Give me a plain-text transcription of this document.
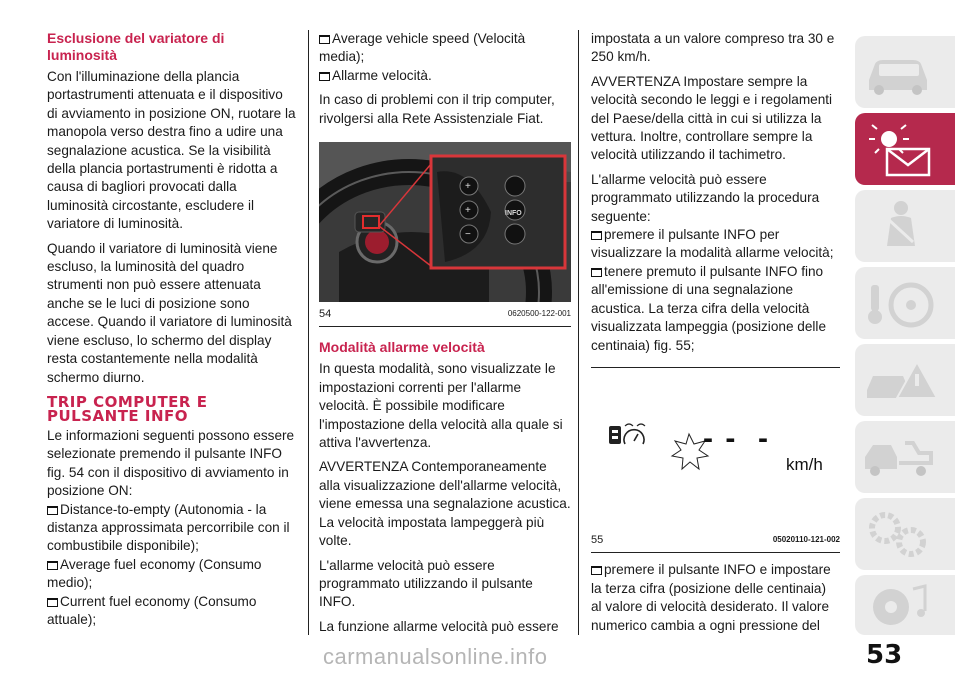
Esclusione del variatore di luminosità

Con l'illuminazione della plancia portastrumenti attenuata e il dispositivo di avviamento in posizione ON, ruotare la manopola verso destra fino a udire una segnalazione acustica. Se la visibilità della plancia portastrumenti è ridotta a causa di bagliori provocati dalla luminosità circostante, escludere il variatore di luminosità.

Quando il variatore di luminosità viene escluso, la luminosità del quadro strumenti non può essere attenuata anche se le luci di posizione sono accese. Quando il variatore di luminosità viene escluso, lo schermo del display resta costantemente nella modalità schermo diurno.

TRIP COMPUTER E
PULSANTE INFO

Le informazioni seguenti possono essere selezionate premendo il pulsante INFO fig. 54 con il dispositivo di avviamento in posizione ON:

Distance-to-empty (Autonomia - la distanza approssimata percorribile con il combustibile disponibile);
Average fuel economy (Consumo medio);
Current fuel economy (Consumo attuale);
Average vehicle speed (Velocità media);
Allarme velocità.

In caso di problemi con il trip computer, rivolgersi alla Rete Assistenziale Fiat.

+
+
−
INFO
54	0620500-122-001
Modalità allarme velocità

In questa modalità, sono visualizzate le impostazioni correnti per l'allarme velocità. È possibile modificare l'impostazione della velocità alla quale si attiva l'avvertenza.

AVVERTENZA Contemporaneamente alla visualizzazione dell'allarme velocità, viene emessa una segnalazione acustica. La velocità impostata lampeggerà più volte.

L'allarme velocità può essere programmato utilizzando il pulsante INFO.

La funzione allarme velocità può essere

impostata a un valore compreso tra 30 e 250 km/h.

AVVERTENZA Impostare sempre la velocità secondo le leggi e i regolamenti del Paese/della città in cui si utilizza la vettura. Inoltre, controllare sempre la velocità utilizzando il tachimetro.

L'allarme velocità può essere programmato utilizzando la procedura seguente:

premere il pulsante INFO per visualizzare la modalità allarme velocità;
tenere premuto il pulsante INFO fino all'emissione di una segnalazione acustica. La terza cifra della velocità visualizzata lampeggia (posizione delle centinaia) fig. 55;
- -  -
km/h
55	05020110-121-002
premere il pulsante INFO e impostare la terza cifra (posizione delle centinaia) al valore di velocità desiderato. Il valore numerico cambia a ogni pressione del
53
carmanualsonline.info
